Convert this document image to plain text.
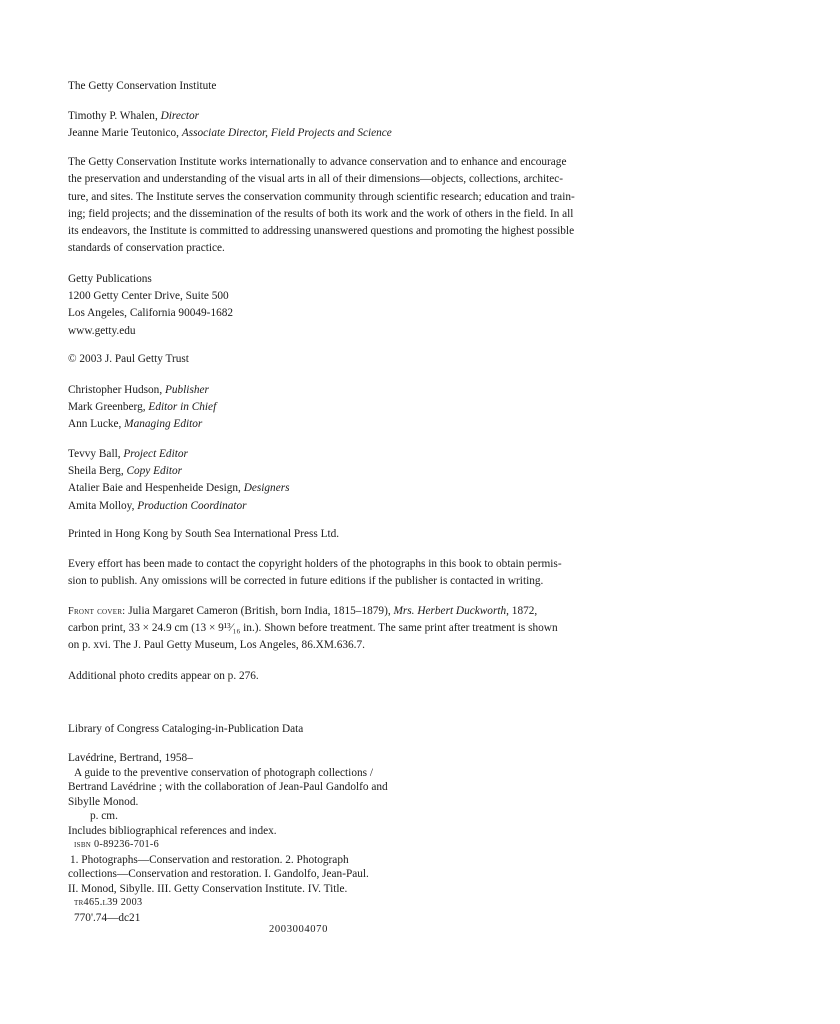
The Getty Conservation Institute
Timothy P. Whalen, Director
Jeanne Marie Teutonico, Associate Director, Field Projects and Science
The Getty Conservation Institute works internationally to advance conservation and to enhance and encourage
the preservation and understanding of the visual arts in all of their dimensions—objects, collections, architec-
ture, and sites. The Institute serves the conservation community through scientific research; education and train-
ing; field projects; and the dissemination of the results of both its work and the work of others in the field. In all
its endeavors, the Institute is committed to addressing unanswered questions and promoting the highest possible
standards of conservation practice.
Getty Publications
1200 Getty Center Drive, Suite 500
Los Angeles, California 90049-1682
www.getty.edu
© 2003 J. Paul Getty Trust
Christopher Hudson, Publisher
Mark Greenberg, Editor in Chief
Ann Lucke, Managing Editor
Tevvy Ball, Project Editor
Sheila Berg, Copy Editor
Atalier Baie and Hespenheide Design, Designers
Amita Molloy, Production Coordinator
Printed in Hong Kong by South Sea International Press Ltd.
Every effort has been made to contact the copyright holders of the photographs in this book to obtain permis-
sion to publish. Any omissions will be corrected in future editions if the publisher is contacted in writing.
Front cover: Julia Margaret Cameron (British, born India, 1815–1879), Mrs. Herbert Duckworth, 1872,
carbon print, 33 × 24.9 cm (13 × 9¹³⁄₁₆ in.). Shown before treatment. The same print after treatment is shown
on p. xvi. The J. Paul Getty Museum, Los Angeles, 86.XM.636.7.
Additional photo credits appear on p. 276.
Library of Congress Cataloging-in-Publication Data
Lavédrine, Bertrand, 1958–
A guide to the preventive conservation of photograph collections /
Bertrand Lavédrine ; with the collaboration of Jean-Paul Gandolfo and
Sibylle Monod.
p. cm.
Includes bibliographical references and index.
isbn 0-89236-701-6
1. Photographs—Conservation and restoration. 2. Photograph
collections—Conservation and restoration. I. Gandolfo, Jean-Paul.
II. Monod, Sibylle. III. Getty Conservation Institute. IV. Title.
tr465.l39 2003
770'.74—dc21
2003004070
